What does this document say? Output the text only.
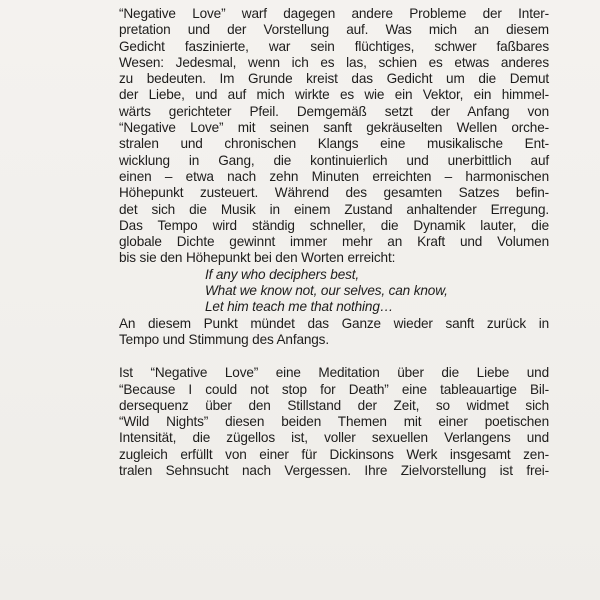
“Negative Love” warf dagegen andere Probleme der Inter-
pretation und der Vorstellung auf. Was mich an diesem
Gedicht faszinierte, war sein flüchtiges, schwer faßbares
Wesen: Jedesmal, wenn ich es las, schien es etwas anderes
zu bedeuten. Im Grunde kreist das Gedicht um die Demut
der Liebe, und auf mich wirkte es wie ein Vektor, ein himmel-
wärts gerichteter Pfeil. Demgemäß setzt der Anfang von
“Negative Love” mit seinen sanft gekräuselten Wellen orche-
stralen und chronischen Klangs eine musikalische Ent-
wicklung in Gang, die kontinuierlich und unerbittlich auf
einen – etwa nach zehn Minuten erreichten – harmonischen
Höhepunkt zusteuert. Während des gesamten Satzes befin-
det sich die Musik in einem Zustand anhaltender Erregung.
Das Tempo wird ständig schneller, die Dynamik lauter, die
globale Dichte gewinnt immer mehr an Kraft und Volumen
bis sie den Höhepunkt bei den Worten erreicht:
If any who deciphers best,
What we know not, our selves, can know,
Let him teach me that nothing…
An diesem Punkt mündet das Ganze wieder sanft zurück in
Tempo und Stimmung des Anfangs.
Ist “Negative Love” eine Meditation über die Liebe und
“Because I could not stop for Death” eine tableauartige Bil-
dersequenz über den Stillstand der Zeit, so widmet sich
“Wild Nights” diesen beiden Themen mit einer poetischen
Intensität, die zügellos ist, voller sexuellen Verlangens und
zugleich erfüllt von einer für Dickinsons Werk insgesamt zen-
tralen Sehnsucht nach Vergessen. Ihre Zielvorstellung ist frei-
